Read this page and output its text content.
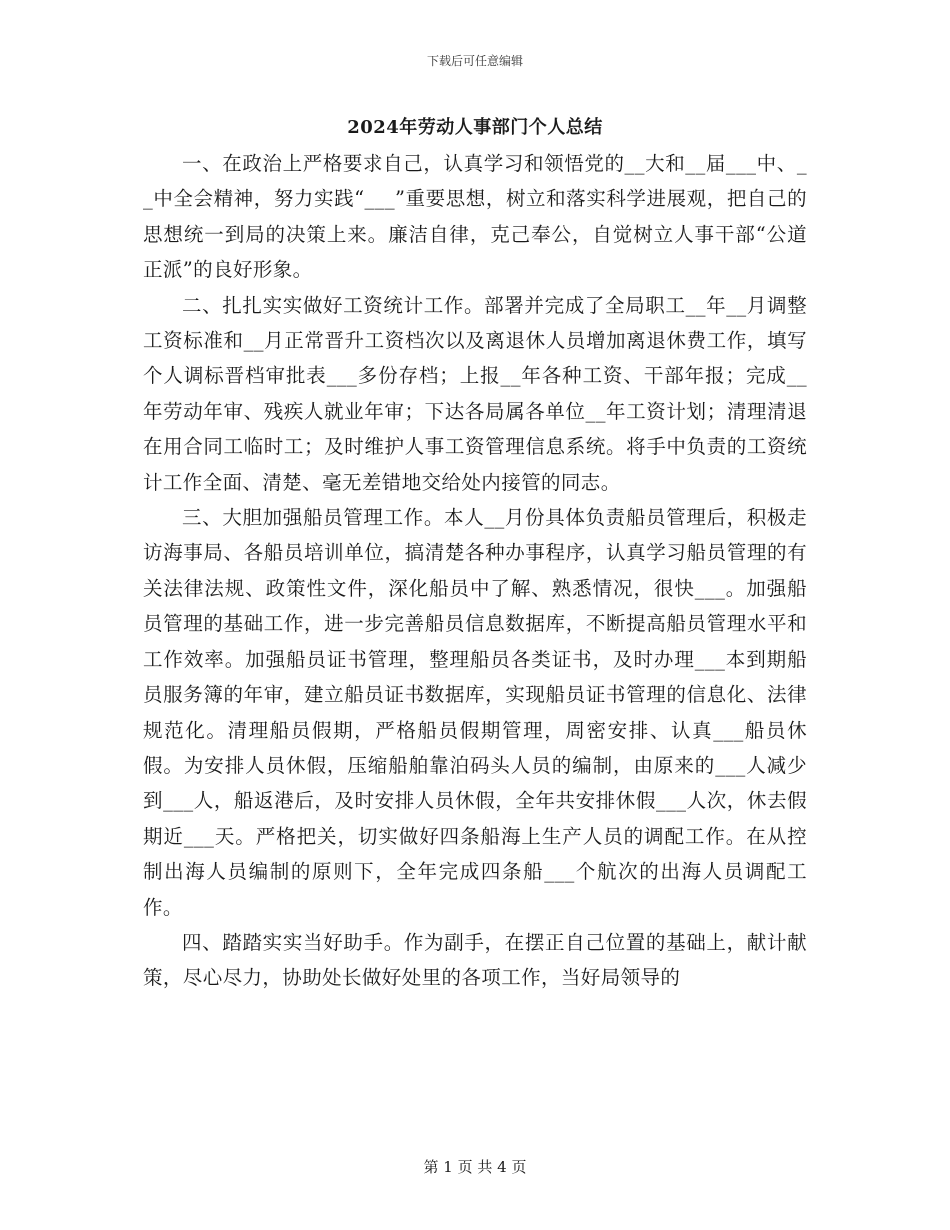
下载后可任意编辑
2024年劳动人事部门个人总结

一、在政治上严格要求自己，认真学习和领悟党的__大和__届___中、__中全会精神，努力实践“___”重要思想，树立和落实科学进展观，把自己的思想统一到局的决策上来。廉洁自律，克己奉公，自觉树立人事干部“公道正派”的良好形象。

二、扎扎实实做好工资统计工作。部署并完成了全局职工__年__月调整工资标准和__月正常晋升工资档次以及离退休人员增加离退休费工作，填写个人调标晋档审批表___多份存档；上报__年各种工资、干部年报；完成__年劳动年审、残疾人就业年审；下达各局属各单位__年工资计划；清理清退在用合同工临时工；及时维护人事工资管理信息系统。将手中负责的工资统计工作全面、清楚、毫无差错地交给处内接管的同志。

三、大胆加强船员管理工作。本人__月份具体负责船员管理后，积极走访海事局、各船员培训单位，搞清楚各种办事程序，认真学习船员管理的有关法律法规、政策性文件，深化船员中了解、熟悉情况，很快___。加强船员管理的基础工作，进一步完善船员信息数据库，不断提高船员管理水平和工作效率。加强船员证书管理，整理船员各类证书，及时办理___本到期船员服务簿的年审，建立船员证书数据库，实现船员证书管理的信息化、法律规范化。清理船员假期，严格船员假期管理，周密安排、认真___船员休假。为安排人员休假，压缩船舶靠泊码头人员的编制，由原来的___人减少到___人，船返港后，及时安排人员休假，全年共安排休假___人次，休去假期近___天。严格把关，切实做好四条船海上生产人员的调配工作。在从控制出海人员编制的原则下，全年完成四条船___个航次的出海人员调配工作。

四、踏踏实实当好助手。作为副手，在摆正自己位置的基础上，献计献策，尽心尽力，协助处长做好处里的各项工作，当好局领导的

第 1 页 共 4 页
